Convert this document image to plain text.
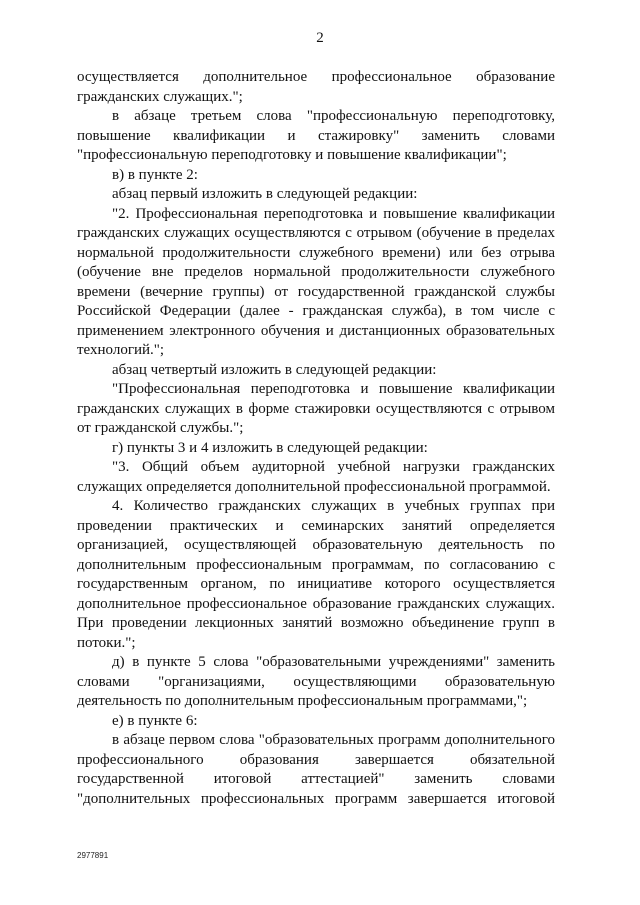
2

осуществляется дополнительное профессиональное образование гражданских служащих.";

в абзаце третьем слова "профессиональную переподготовку, повышение квалификации и стажировку" заменить словами "профессиональную переподготовку и повышение квалификации";

в) в пункте 2:

абзац первый изложить в следующей редакции:

"2. Профессиональная переподготовка и повышение квалификации гражданских служащих осуществляются с отрывом (обучение в пределах нормальной продолжительности служебного времени) или без отрыва (обучение вне пределов нормальной продолжительности служебного времени (вечерние группы) от государственной гражданской службы Российской Федерации (далее - гражданская служба), в том числе с применением электронного обучения и дистанционных образовательных технологий.";

абзац четвертый изложить в следующей редакции:

"Профессиональная переподготовка и повышение квалификации гражданских служащих в форме стажировки осуществляются с отрывом от гражданской службы.";

г) пункты 3 и 4 изложить в следующей редакции:

"3. Общий объем аудиторной учебной нагрузки гражданских служащих определяется дополнительной профессиональной программой.

4. Количество гражданских служащих в учебных группах при проведении практических и семинарских занятий определяется организацией, осуществляющей образовательную деятельность по дополнительным профессиональным программам, по согласованию с государственным органом, по инициативе которого осуществляется дополнительное профессиональное образование гражданских служащих. При проведении лекционных занятий возможно объединение групп в потоки.";

д) в пункте 5 слова "образовательными учреждениями" заменить словами "организациями, осуществляющими образовательную деятельность по дополнительным профессиональным программами,";

е) в пункте 6:

в абзаце первом слова "образовательных программ дополнительного профессионального образования завершается обязательной государственной итоговой аттестацией" заменить словами "дополнительных профессиональных программ завершается итоговой

2977891
